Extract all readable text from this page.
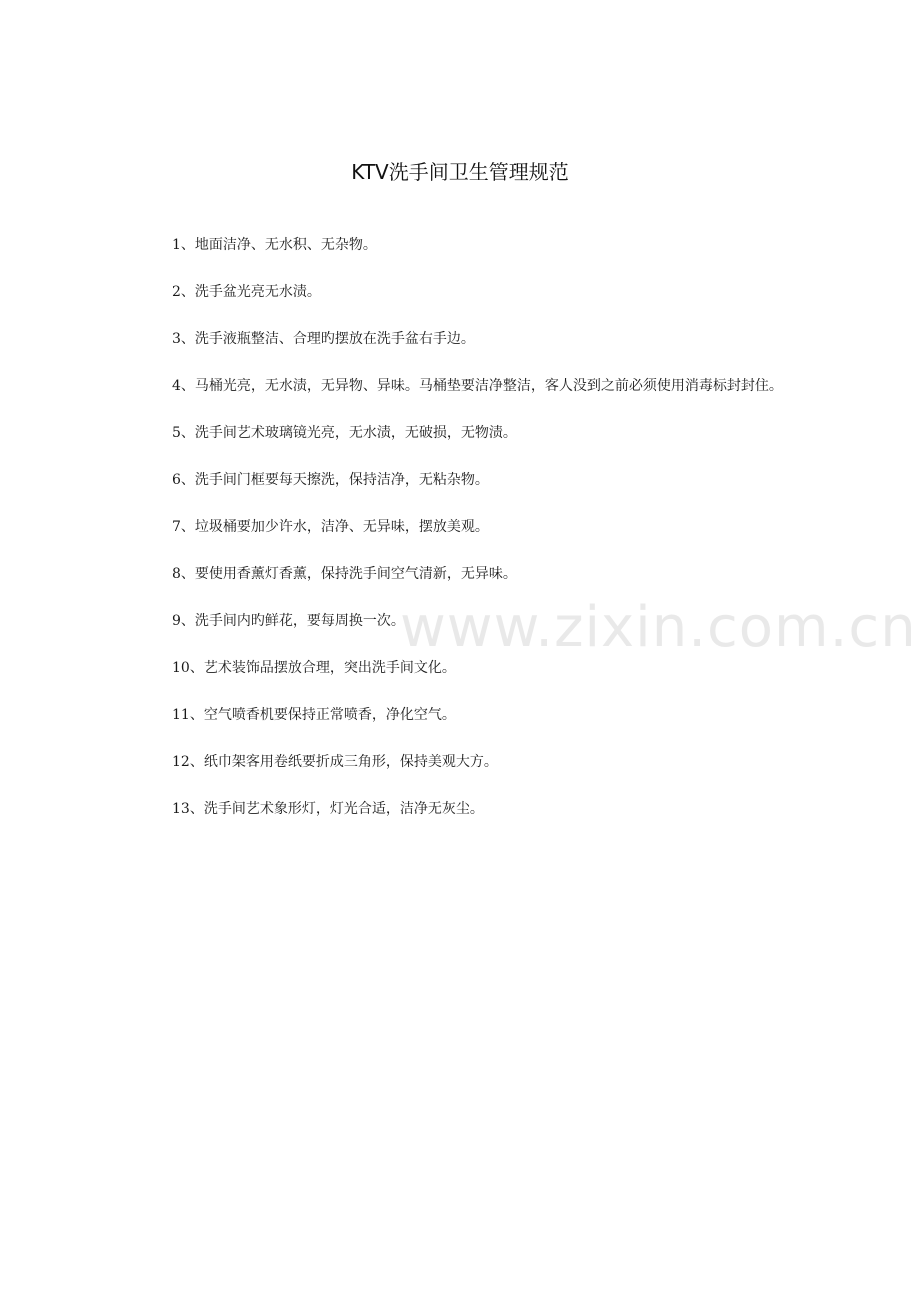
KTV洗手间卫生管理规范
1、地面洁净、无水积、无杂物。
2、洗手盆光亮无水渍。
3、洗手液瓶整洁、合理旳摆放在洗手盆右手边。
4、马桶光亮，无水渍，无异物、异味。马桶垫要洁净整洁，客人没到之前必须使用消毒标封封住。
5、洗手间艺术玻璃镜光亮，无水渍，无破损，无物渍。
6、洗手间门框要每天擦洗，保持洁净，无粘杂物。
7、垃圾桶要加少许水，洁净、无异味，摆放美观。
8、要使用香薰灯香薰，保持洗手间空气清新，无异味。
9、洗手间内旳鲜花，要每周换一次。
10、艺术装饰品摆放合理，突出洗手间文化。
11、空气喷香机要保持正常喷香，净化空气。
12、纸巾架客用卷纸要折成三角形，保持美观大方。
13、洗手间艺术象形灯，灯光合适，洁净无灰尘。
www.zixin.com.cn
